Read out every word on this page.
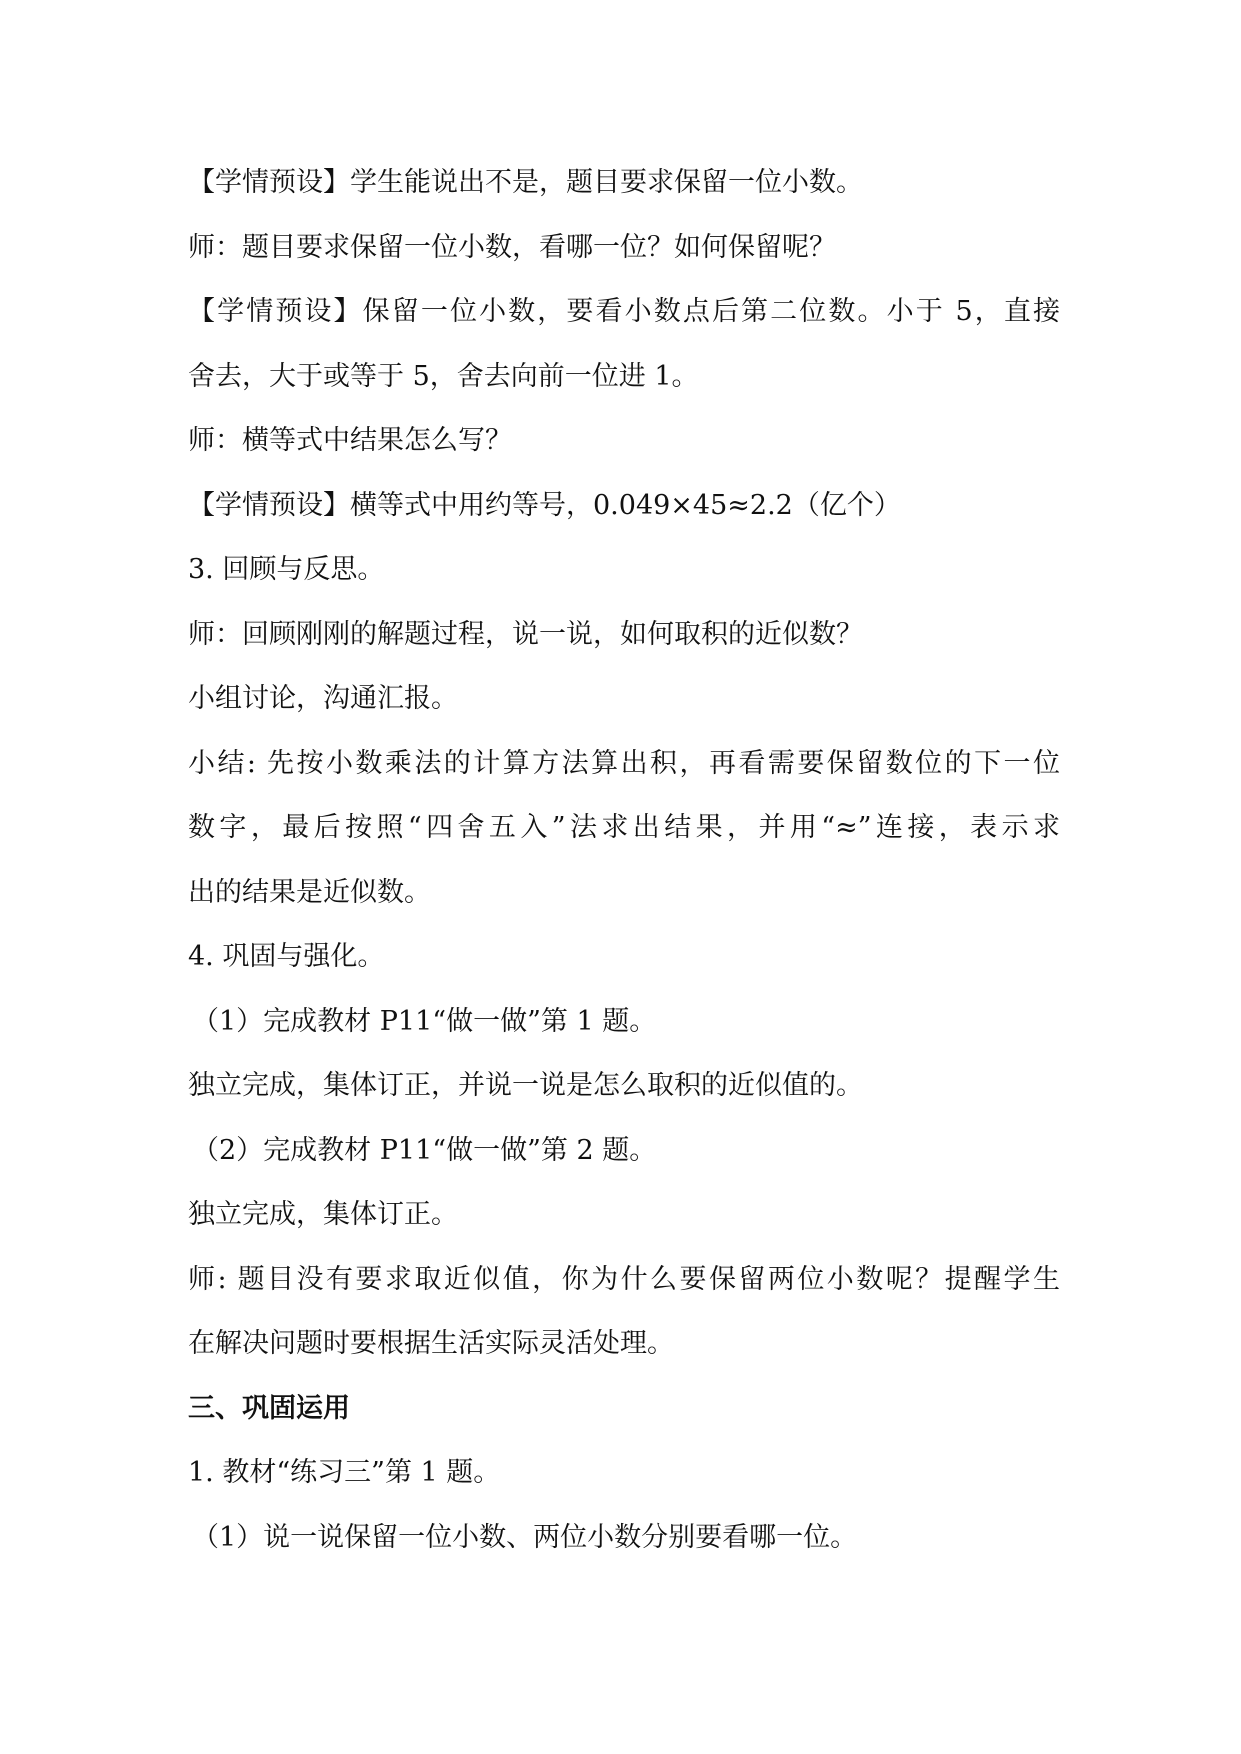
【学情预设】学生能说出不是，题目要求保留一位小数。
师：题目要求保留一位小数，看哪一位？如何保留呢？
【学情预设】保留一位小数，要看小数点后第二位数。小于 5，直接
舍去，大于或等于 5，舍去向前一位进 1。
师：横等式中结果怎么写？
【学情预设】横等式中用约等号，0.049×45≈2.2（亿个）
3. 回顾与反思。
师：回顾刚刚的解题过程，说一说，如何取积的近似数？
小组讨论，沟通汇报。
小结: 先按小数乘法的计算方法算出积，再看需要保留数位的下一位
数字，最后按照“四舍五入”法求出结果，并用“≈”连接，表示求
出的结果是近似数。
4. 巩固与强化。
（1）完成教材 P11“做一做”第 1 题。
独立完成，集体订正，并说一说是怎么取积的近似值的。
（2）完成教材 P11“做一做”第 2 题。
独立完成，集体订正。
师: 题目没有要求取近似值，你为什么要保留两位小数呢？提醒学生
在解决问题时要根据生活实际灵活处理。
三、巩固运用
1. 教材“练习三”第 1 题。
（1）说一说保留一位小数、两位小数分别要看哪一位。
